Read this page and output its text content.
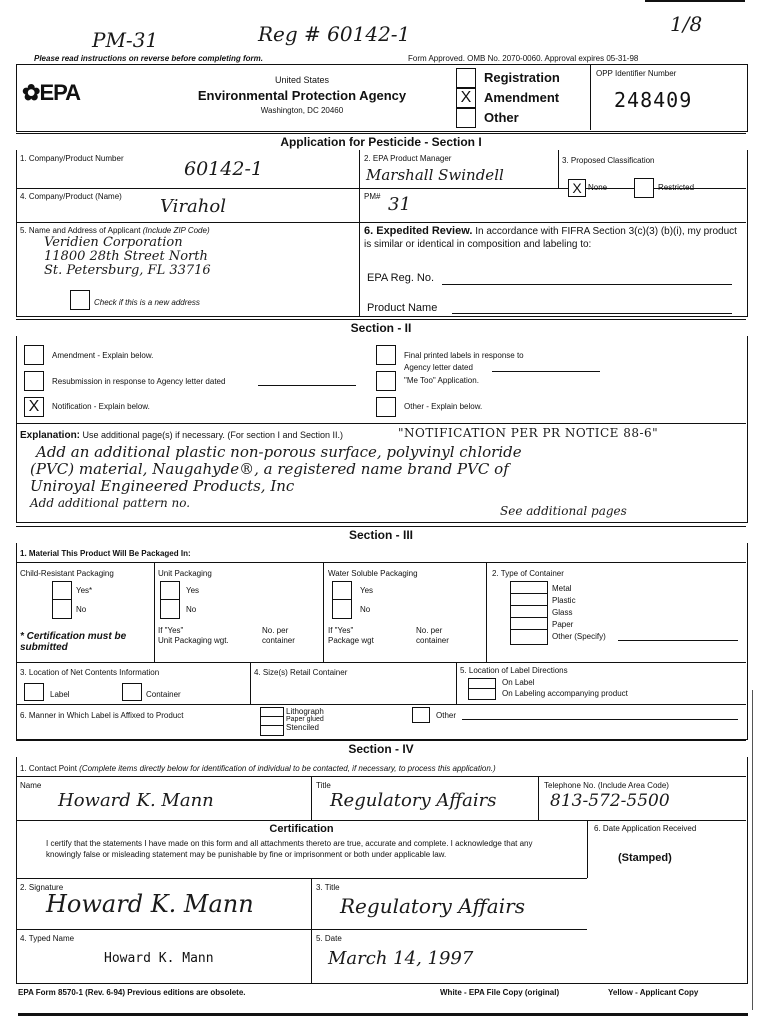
PM-31	Reg # 60142-1	1/8
Please read instructions on reverse before completing form.	Form Approved. OMB No. 2070-0060. Approval expires 05-31-98
✿EPA	United States
Environmental Protection Agency
Washington, DC 20460
Registration
X Amendment
Other
OPP Identifier Number
248409
Application for Pesticide - Section I
1. Company/Product Number	60142-1	2. EPA Product Manager
Marshall Swindell
3. Proposed Classification
X None	Restricted
4. Company/Product (Name) Virahol	PM# 31
5. Name and Address of Applicant (Include ZIP Code)
Veridien Corporation
11800 28th Street North
St. Petersburg, FL 33716
Check if this is a new address
6. Expedited Review. In accordance with FIFRA Section 3(c)(3) (b)(i), my product is similar or identical in composition and labeling to:
EPA Reg. No.
Product Name
Section - II
Amendment - Explain below.
Resubmission in response to Agency letter dated
X	Notification - Explain below.
Final printed labels in response to
Agency letter dated
"Me Too" Application.
Other - Explain below.
Explanation: Use additional page(s) if necessary. (For section I and Section II.)	"NOTIFICATION PER PR NOTICE 88-6"
Add an additional plastic non-porous surface, polyvinyl chloride
(PVC) material, Naugahyde®, a registered name brand PVC of
Uniroyal Engineered Products, Inc
Add additional pattern no.
See additional pages
Section - III
1. Material This Product Will Be Packaged In:
Child-Resistant Packaging
Yes*
No
* Certification must be submitted
Unit Packaging
Yes
No
If "Yes"
Unit Packaging wgt.
No. per
container
Water Soluble Packaging
Yes
No
If "Yes"
Package wgt
No. per
container
2. Type of Container
Metal
Plastic
Glass
Paper
Other (Specify)
3. Location of Net Contents Information
Label	Container
4. Size(s) Retail Container	5. Location of Label Directions
On Label
On Labeling accompanying product
6. Manner in Which Label is Affixed to Product	Lithograph
Paper glued
Stenciled
Other
Section - IV
1. Contact Point (Complete items directly below for identification of individual to be contacted, if necessary, to process this application.)
Name
Howard K. Mann
Title
Regulatory Affairs
Telephone No. (Include Area Code)
813-572-5500
Certification
I certify that the statements I have made on this form and all attachments thereto are true, accurate and complete. I acknowledge that any knowingly false or misleading statement may be punishable by fine or imprisonment or both under applicable law.
6. Date Application Received
(Stamped)
2. Signature
Howard K. Mann
3. Title
Regulatory Affairs
4. Typed Name
Howard K. Mann
5. Date
March 14, 1997
EPA Form 8570-1 (Rev. 6-94) Previous editions are obsolete.	White - EPA File Copy (original)	Yellow - Applicant Copy
